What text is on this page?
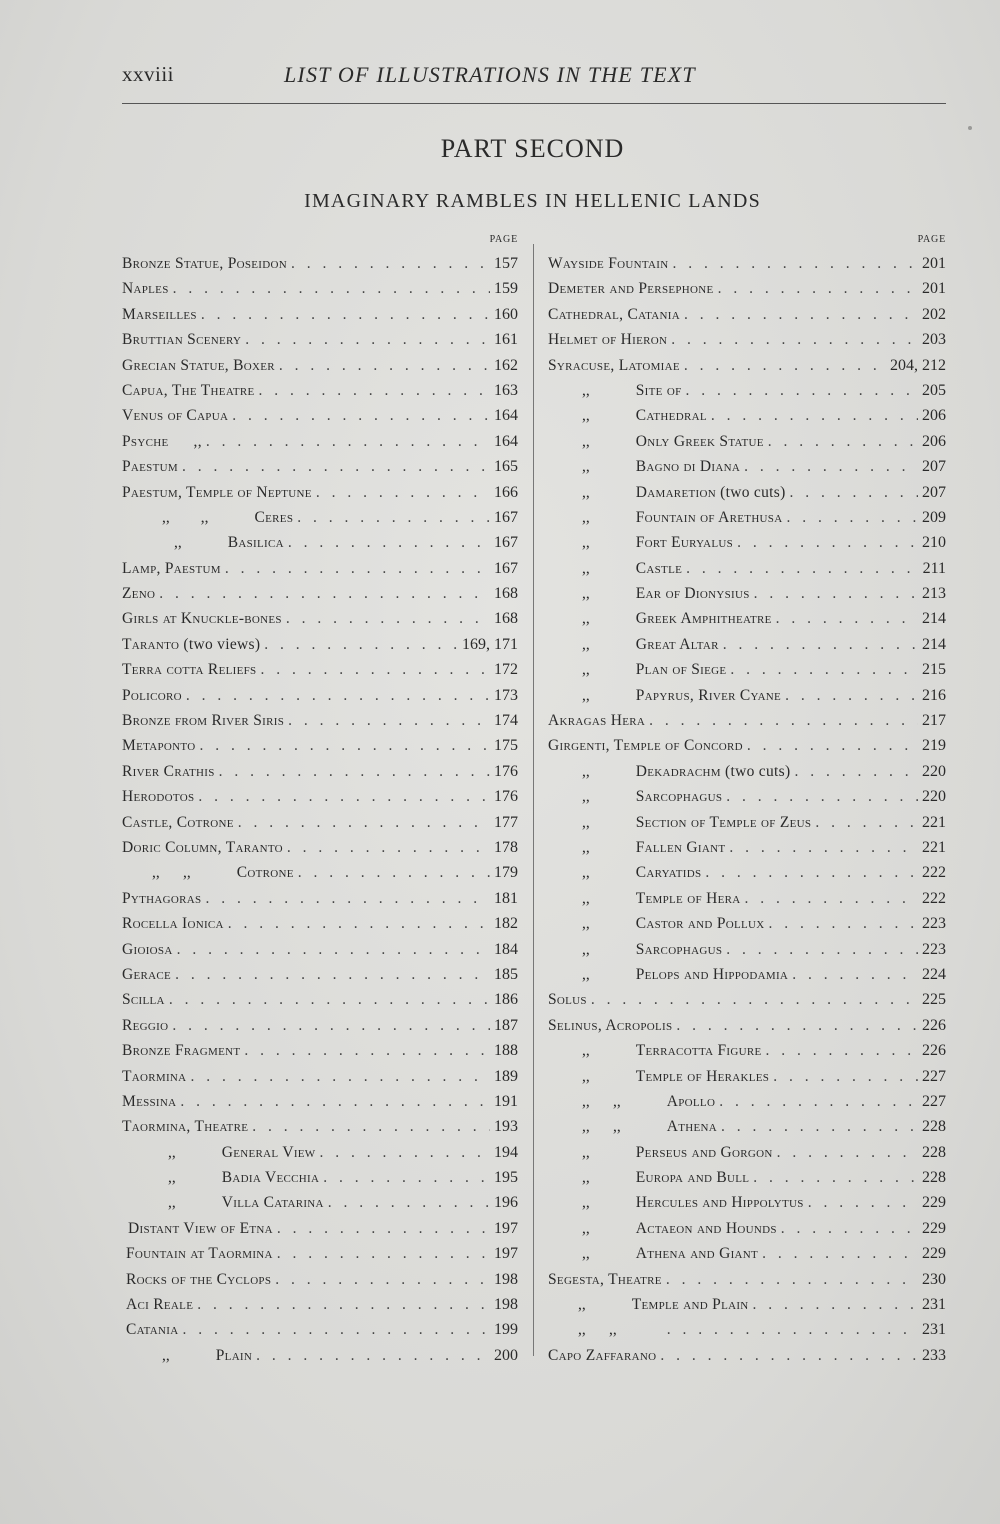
xxviii	LIST OF ILLUSTRATIONS IN THE TEXT
PART SECOND
IMAGINARY RAMBLES IN HELLENIC LANDS
PAGE
Bronze Statue, Poseidon . . .	157
Naples . . .	159
Marseilles . . .	160
Bruttian Scenery . . .	161
Grecian Statue, Boxer . . .	162
Capua, The Theatre . . .	163
Venus of Capua . . .	164
Psyche      ,, . . .	164
Paestum . . .	165
Paestum, Temple of Neptune . . .	166
,,        ,,	Ceres . . .	167
,,	Basilica . . .	167
Lamp, Paestum . . .	167
Zeno . . .	168
Girls at Knuckle-bones . . .	168
Taranto (two views) . . .	169, 171
Terra cotta Reliefs . . .	172
Policoro . . .	173
Bronze from River Siris . . .	174
Metaponto . . .	175
River Crathis . . .	176
Herodotos . . .	176
Castle, Cotrone . . .	177
Doric Column, Taranto . . .	178
,,      ,,	Cotrone . . .	179
Pythagoras . . .	181
Rocella Ionica . . .	182
Gioiosa . . .	184
Gerace . . .	185
Scilla . . .	186
Reggio . . .	187
Bronze Fragment . . .	188
Taormina . . .	189
Messina . . .	191
Taormina, Theatre . . .	193
,,	General View . . .	194
,,	Badia Vecchia . . .	195
,,	Villa Catarina . . .	196
Distant View of Etna . . .	197
Fountain at Taormina . . .	197
Rocks of the Cyclops . . .	198
Aci Reale . . .	198
Catania . . .	199
,,	Plain . . .	200
PAGE
Wayside Fountain . . .	201
Demeter and Persephone . . .	201
Cathedral, Catania . . .	202
Helmet of Hieron . . .	203
Syracuse, Latomiae . . .	204, 212
,,	Site of . . .	205
,,	Cathedral . . .	206
,,	Only Greek Statue . . .	206
,,	Bagno di Diana . . .	207
,,	Damaretion (two cuts) . . .	207
,,	Fountain of Arethusa . . .	209
,,	Fort Euryalus . . .	210
,,	Castle . . .	211
,,	Ear of Dionysius . . .	213
,,	Greek Amphitheatre . . .	214
,,	Great Altar . . .	214
,,	Plan of Siege . . .	215
,,	Papyrus, River Cyane . . .	216
Akragas Hera . . .	217
Girgenti, Temple of Concord . . .	219
,,	Dekadrachm (two cuts) . . .	220
,,	Sarcophagus . . .	220
,,	Section of Temple of Zeus . . .	221
,,	Fallen Giant . . .	221
,,	Caryatids . . .	222
,,	Temple of Hera . . .	222
,,	Castor and Pollux . . .	223
,,	Sarcophagus . . .	223
,,	Pelops and Hippodamia . . .	224
Solus . . .	225
Selinus, Acropolis . . .	226
,,	Terracotta Figure . . .	226
,,	Temple of Herakles . . .	227
,,      ,,	Apollo . . .	227
,,      ,,	Athena . . .	228
,,	Perseus and Gorgon . . .	228
,,	Europa and Bull . . .	228
,,	Hercules and Hippolytus . . .	229
,,	Actaeon and Hounds . . .	229
,,	Athena and Giant . . .	229
Segesta, Theatre . . .	230
,,	Temple and Plain . . .	231
,,      ,, . . .	231
Capo Zaffarano . . .	233
